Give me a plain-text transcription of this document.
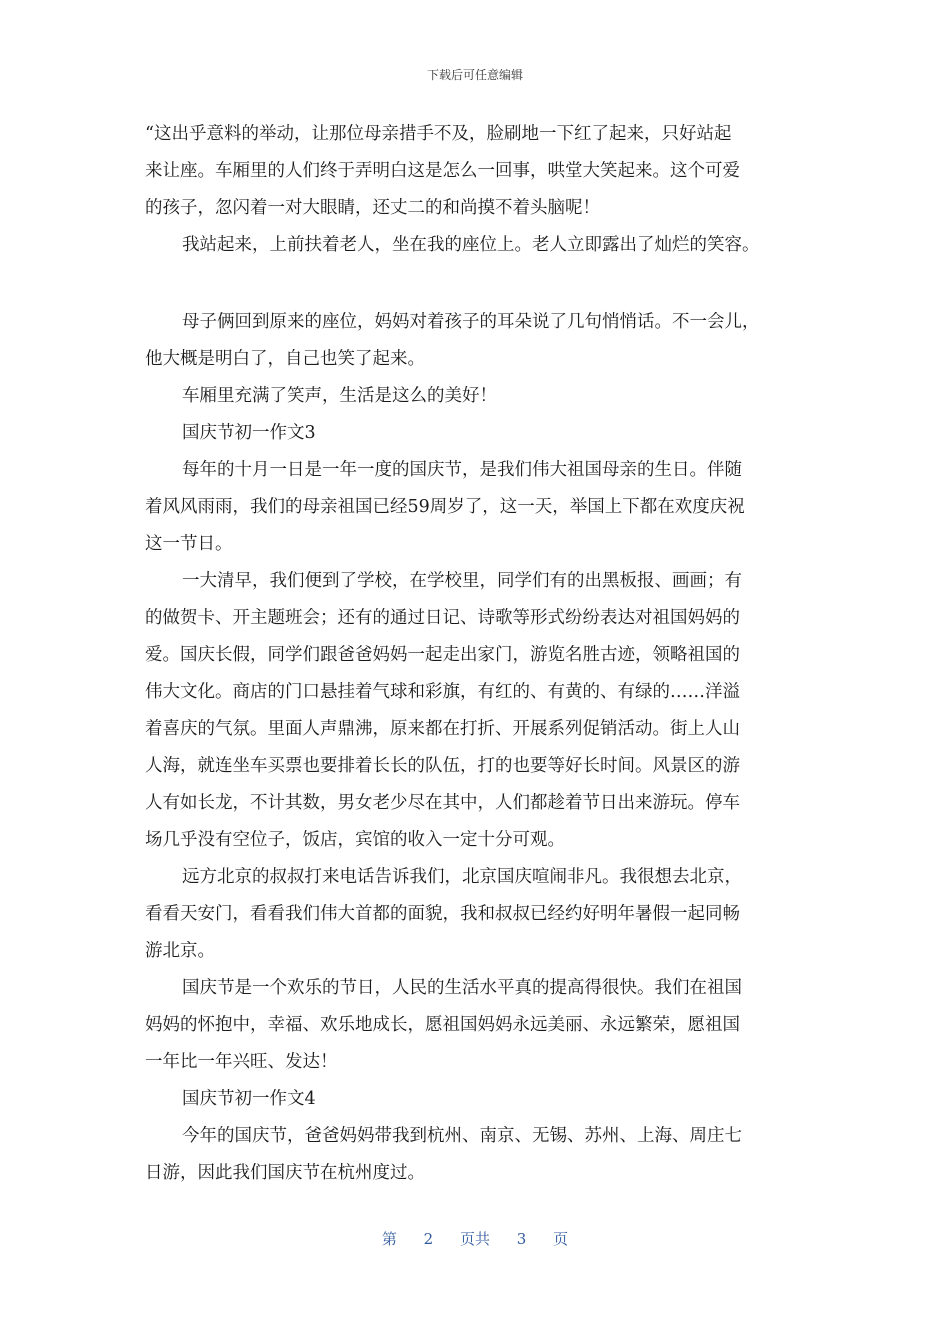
下载后可任意编辑
“这出乎意料的举动，让那位母亲措手不及，脸刷地一下红了起来，只好站起
来让座。车厢里的人们终于弄明白这是怎么一回事，哄堂大笑起来。这个可爱
的孩子，忽闪着一对大眼睛，还丈二的和尚摸不着头脑呢！
我站起来，上前扶着老人，坐在我的座位上。老人立即露出了灿烂的笑容。
母子俩回到原来的座位，妈妈对着孩子的耳朵说了几句悄悄话。不一会儿，
他大概是明白了，自己也笑了起来。
车厢里充满了笑声，生活是这么的美好！
国庆节初一作文3
每年的十月一日是一年一度的国庆节，是我们伟大祖国母亲的生日。伴随
着风风雨雨，我们的母亲祖国已经59周岁了，这一天，举国上下都在欢度庆祝
这一节日。
一大清早，我们便到了学校，在学校里，同学们有的出黑板报、画画；有
的做贺卡、开主题班会；还有的通过日记、诗歌等形式纷纷表达对祖国妈妈的
爱。国庆长假，同学们跟爸爸妈妈一起走出家门，游览名胜古迹，领略祖国的
伟大文化。商店的门口悬挂着气球和彩旗，有红的、有黄的、有绿的……洋溢
着喜庆的气氛。里面人声鼎沸，原来都在打折、开展系列促销活动。街上人山
人海，就连坐车买票也要排着长长的队伍，打的也要等好长时间。风景区的游
人有如长龙，不计其数，男女老少尽在其中，人们都趁着节日出来游玩。停车
场几乎没有空位子，饭店，宾馆的收入一定十分可观。
远方北京的叔叔打来电话告诉我们，北京国庆喧闹非凡。我很想去北京，
看看天安门，看看我们伟大首都的面貌，我和叔叔已经约好明年暑假一起同畅
游北京。
国庆节是一个欢乐的节日，人民的生活水平真的提高得很快。我们在祖国
妈妈的怀抱中，幸福、欢乐地成长，愿祖国妈妈永远美丽、永远繁荣，愿祖国
一年比一年兴旺、发达！
国庆节初一作文4
今年的国庆节，爸爸妈妈带我到杭州、南京、无锡、苏州、上海、周庄七
日游，因此我们国庆节在杭州度过。
第 2 页共 3 页
